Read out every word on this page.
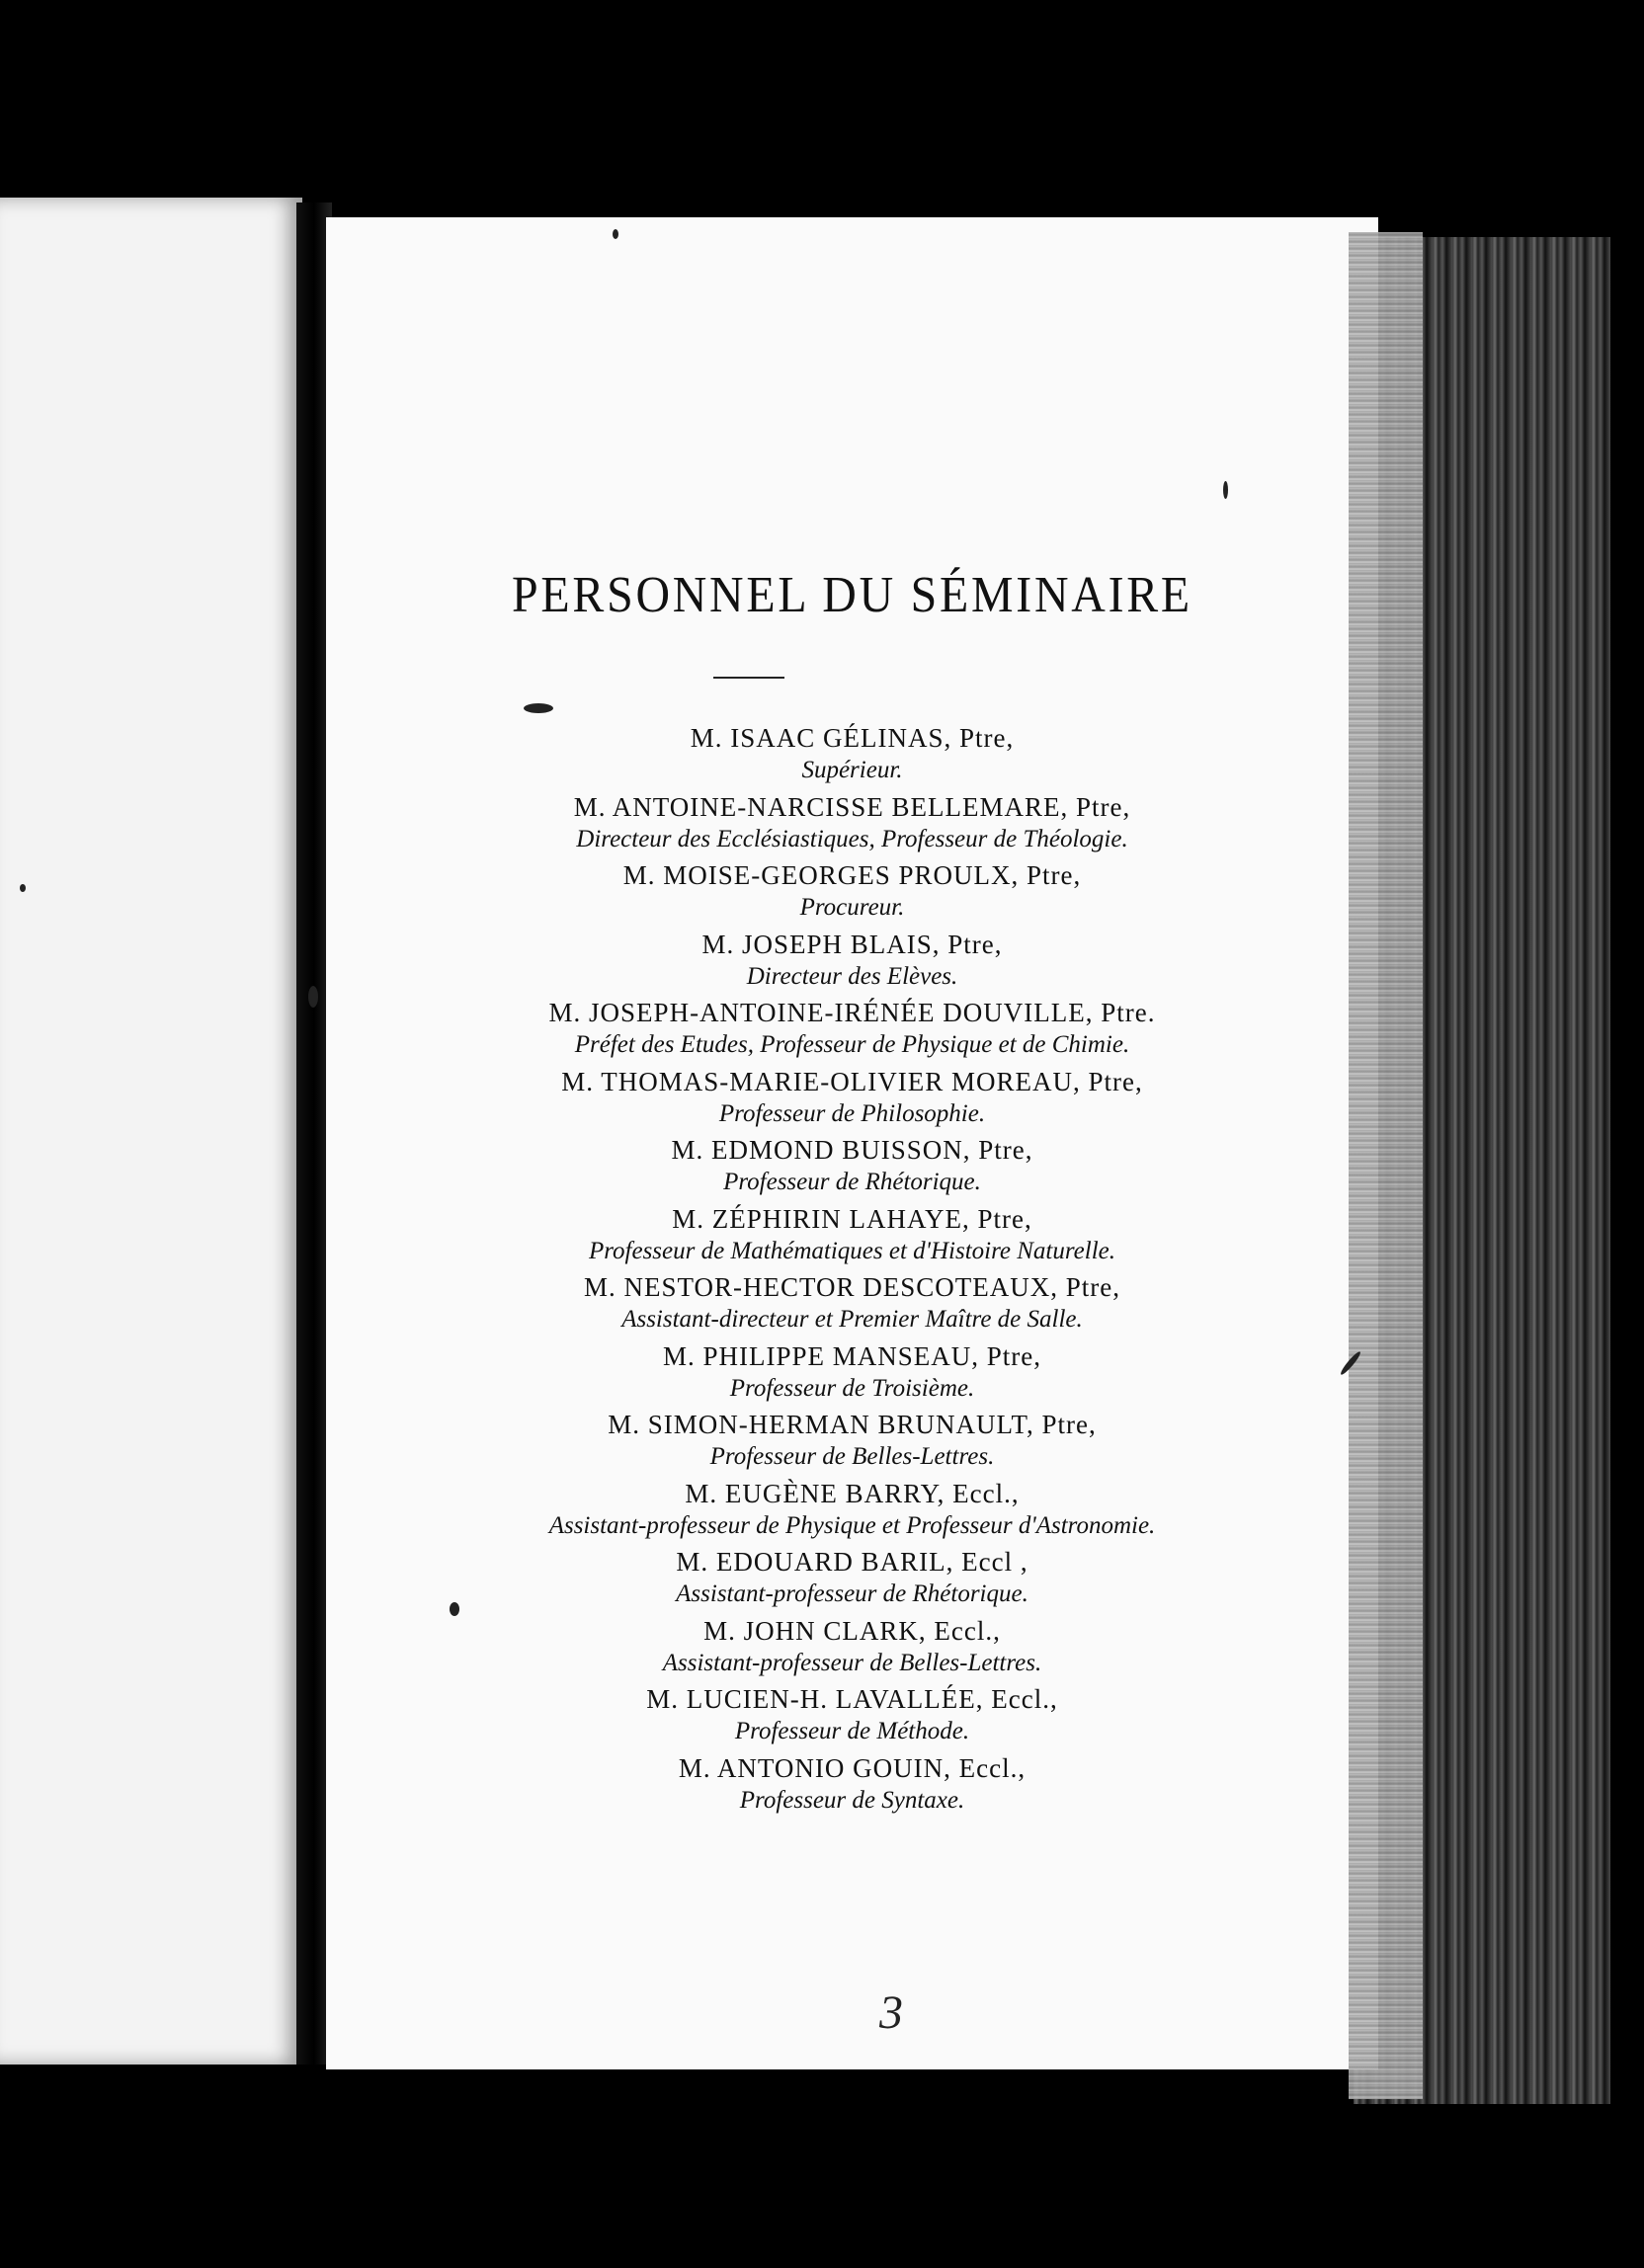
PERSONNEL DU SÉMINAIRE
M. ISAAC GÉLINAS, Ptre,
Supérieur.
M. ANTOINE-NARCISSE BELLEMARE, Ptre,
Directeur des Ecclésiastiques, Professeur de Théologie.
M. MOISE-GEORGES PROULX, Ptre,
Procureur.
M. JOSEPH BLAIS, Ptre,
Directeur des Elèves.
M. JOSEPH-ANTOINE-IRÉNÉE DOUVILLE, Ptre.
Préfet des Etudes, Professeur de Physique et de Chimie.
M. THOMAS-MARIE-OLIVIER MOREAU, Ptre,
Professeur de Philosophie.
M. EDMOND BUISSON, Ptre,
Professeur de Rhétorique.
M. ZÉPHIRIN LAHAYE, Ptre,
Professeur de Mathématiques et d'Histoire Naturelle.
M. NESTOR-HECTOR DESCOTEAUX, Ptre,
Assistant-directeur et Premier Maître de Salle.
M. PHILIPPE MANSEAU, Ptre,
Professeur de Troisième.
M. SIMON-HERMAN BRUNAULT, Ptre,
Professeur de Belles-Lettres.
M. EUGÈNE BARRY, Eccl.,
Assistant-professeur de Physique et Professeur d'Astronomie.
M. EDOUARD BARIL, Eccl ,
Assistant-professeur de Rhétorique.
M. JOHN CLARK, Eccl.,
Assistant-professeur de Belles-Lettres.
M. LUCIEN-H. LAVALLÉE, Eccl.,
Professeur de Méthode.
M. ANTONIO GOUIN, Eccl.,
Professeur de Syntaxe.
3
